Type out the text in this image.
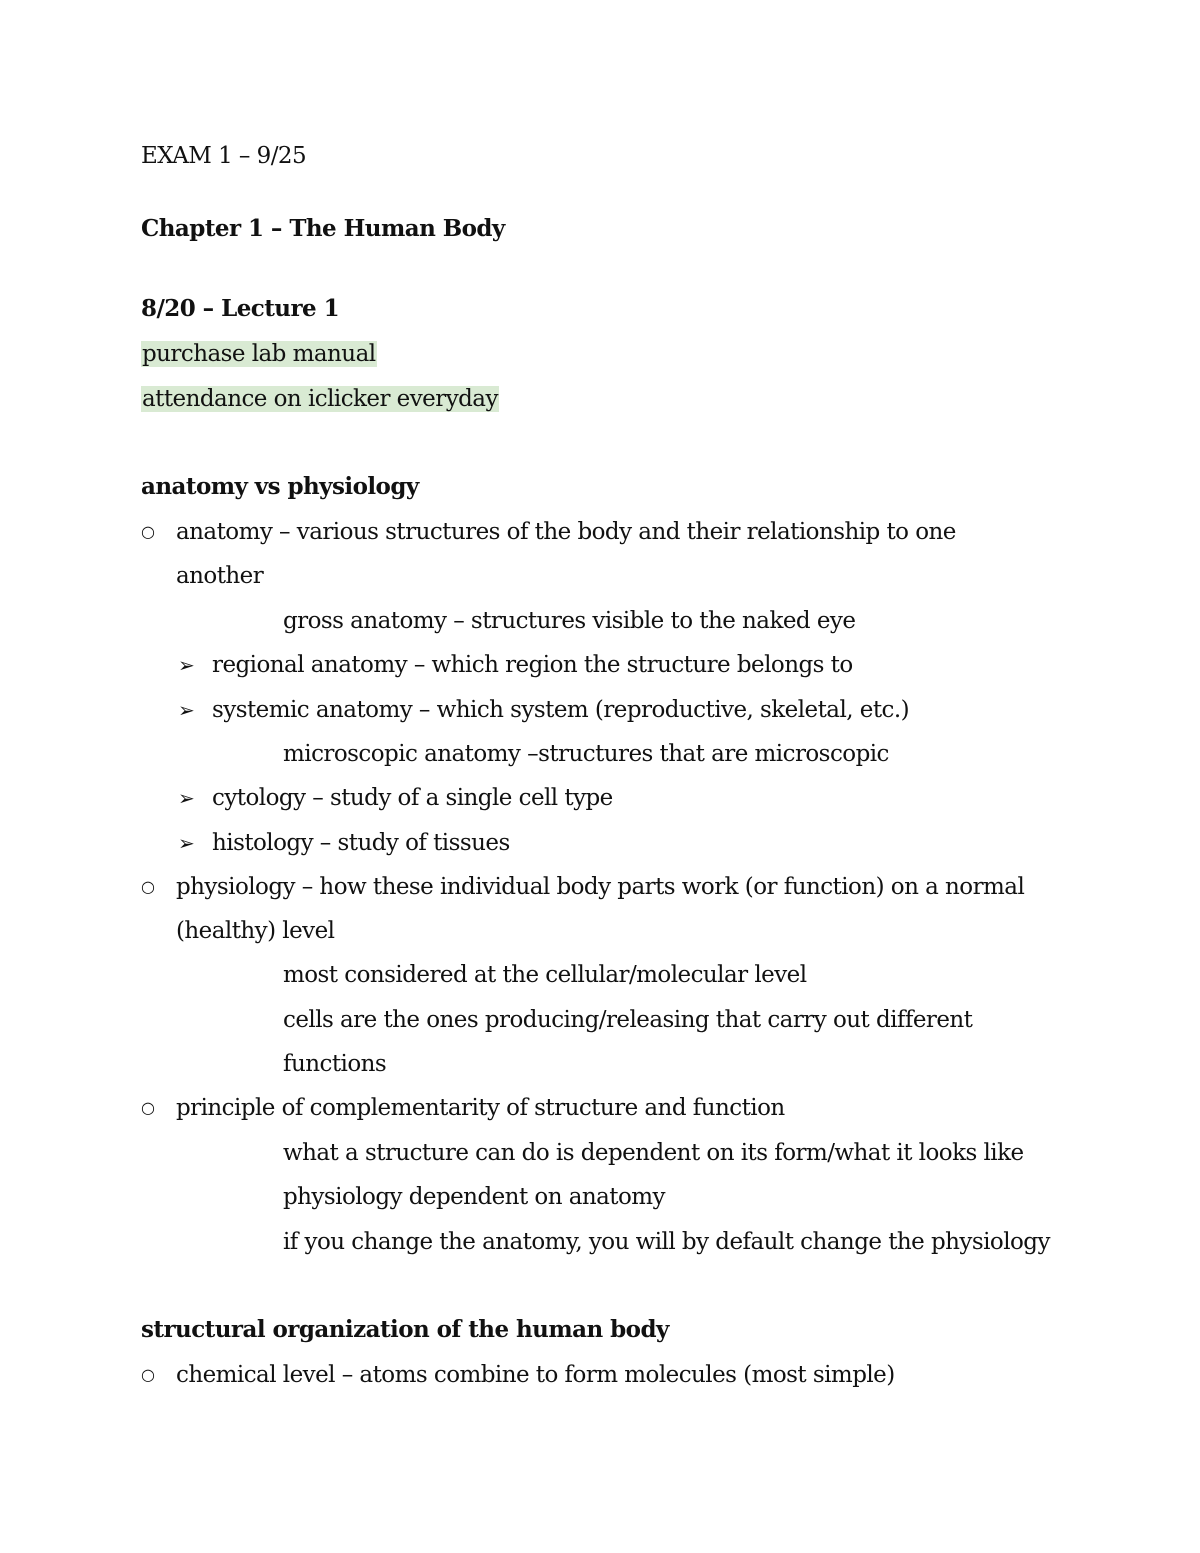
EXAM 1 – 9/25
Chapter 1 – The Human Body
8/20 – Lecture 1
purchase lab manual
attendance on iclicker everyday
anatomy vs physiology
○ anatomy – various structures of the body and their relationship to one
another
gross anatomy – structures visible to the naked eye
➢ regional anatomy – which region the structure belongs to
➢ systemic anatomy – which system (reproductive, skeletal, etc.)
microscopic anatomy –structures that are microscopic
➢ cytology – study of a single cell type
➢ histology – study of tissues
○ physiology – how these individual body parts work (or function) on a normal
(healthy) level
most considered at the cellular/molecular level
cells are the ones producing/releasing that carry out different
functions
○ principle of complementarity of structure and function
what a structure can do is dependent on its form/what it looks like
physiology dependent on anatomy
if you change the anatomy, you will by default change the physiology
structural organization of the human body
○ chemical level – atoms combine to form molecules (most simple)
